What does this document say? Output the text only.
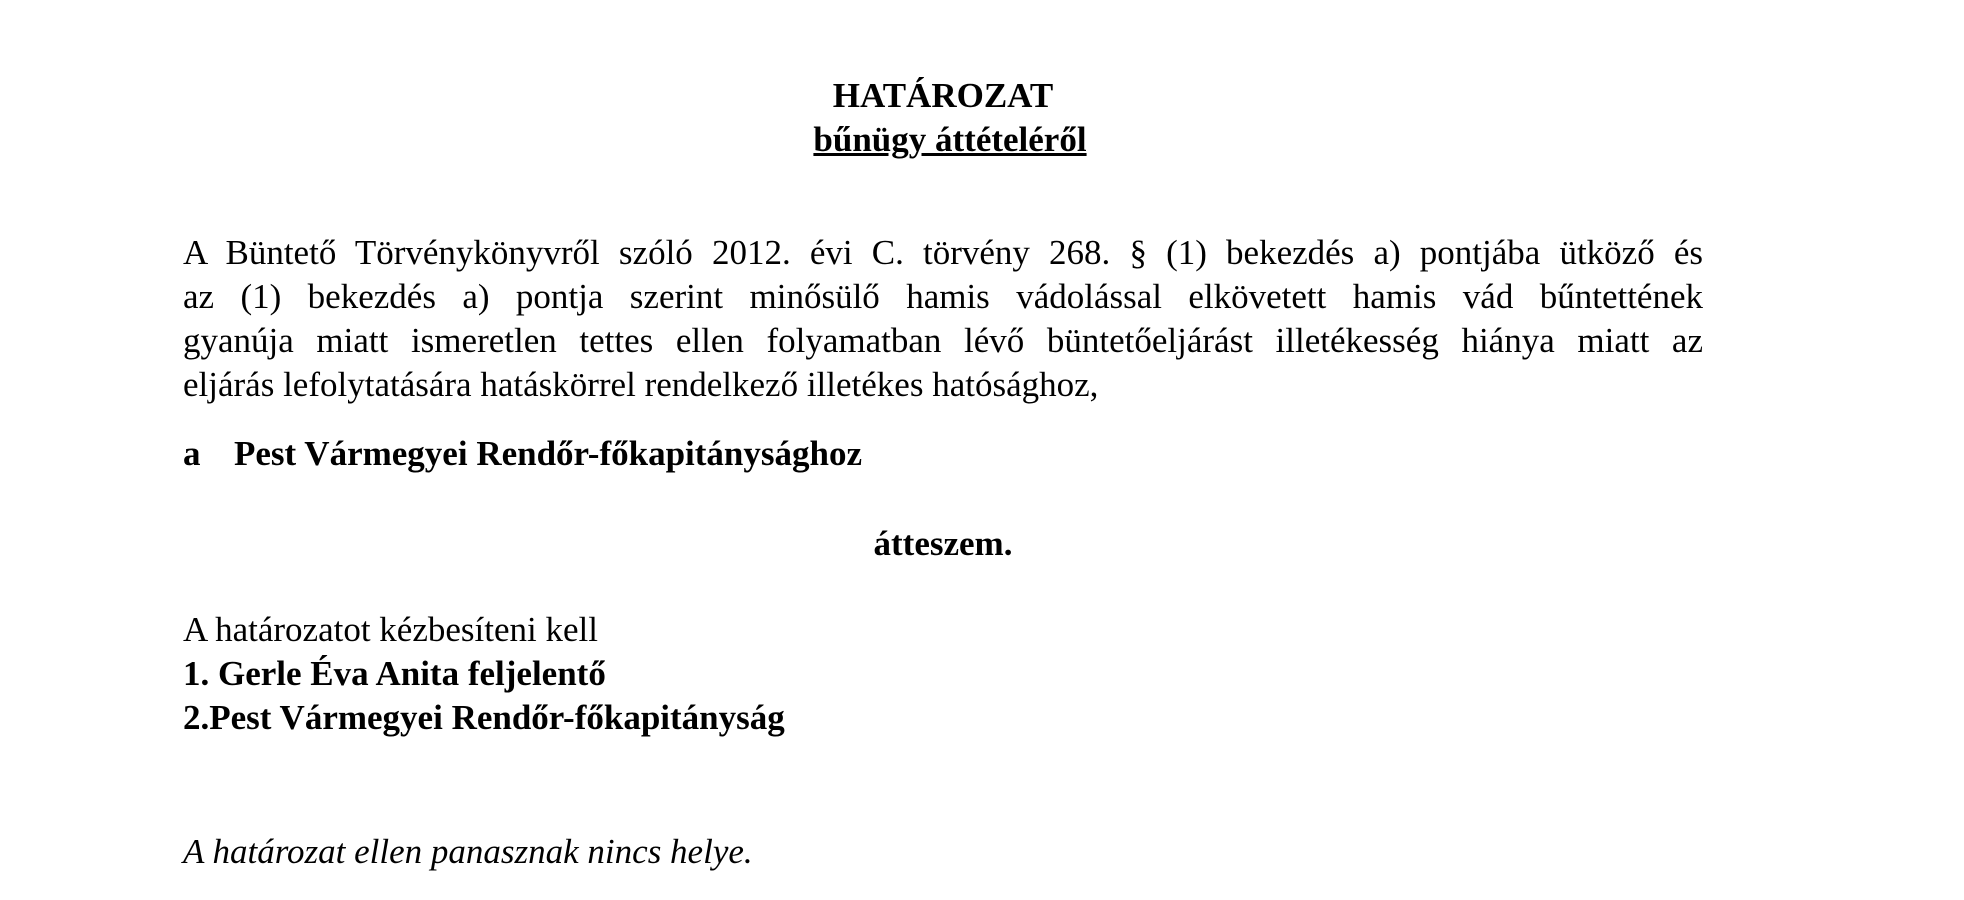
HATÁROZAT
bűnügy áttételéről
A Büntető Törvénykönyvről szóló 2012. évi C. törvény 268. § (1) bekezdés a) pontjába ütköző és
az (1) bekezdés a) pontja szerint minősülő hamis vádolással elkövetett hamis vád bűntettének
gyanúja miatt ismeretlen tettes ellen folyamatban lévő büntetőeljárást illetékesség hiánya miatt az
eljárás lefolytatására hatáskörrel rendelkező illetékes hatósághoz,
a Pest Vármegyei Rendőr-főkapitánysághoz
átteszem.
A határozatot kézbesíteni kell
1. Gerle Éva Anita feljelentő
2.Pest Vármegyei Rendőr-főkapitányság
A határozat ellen panasznak nincs helye.
